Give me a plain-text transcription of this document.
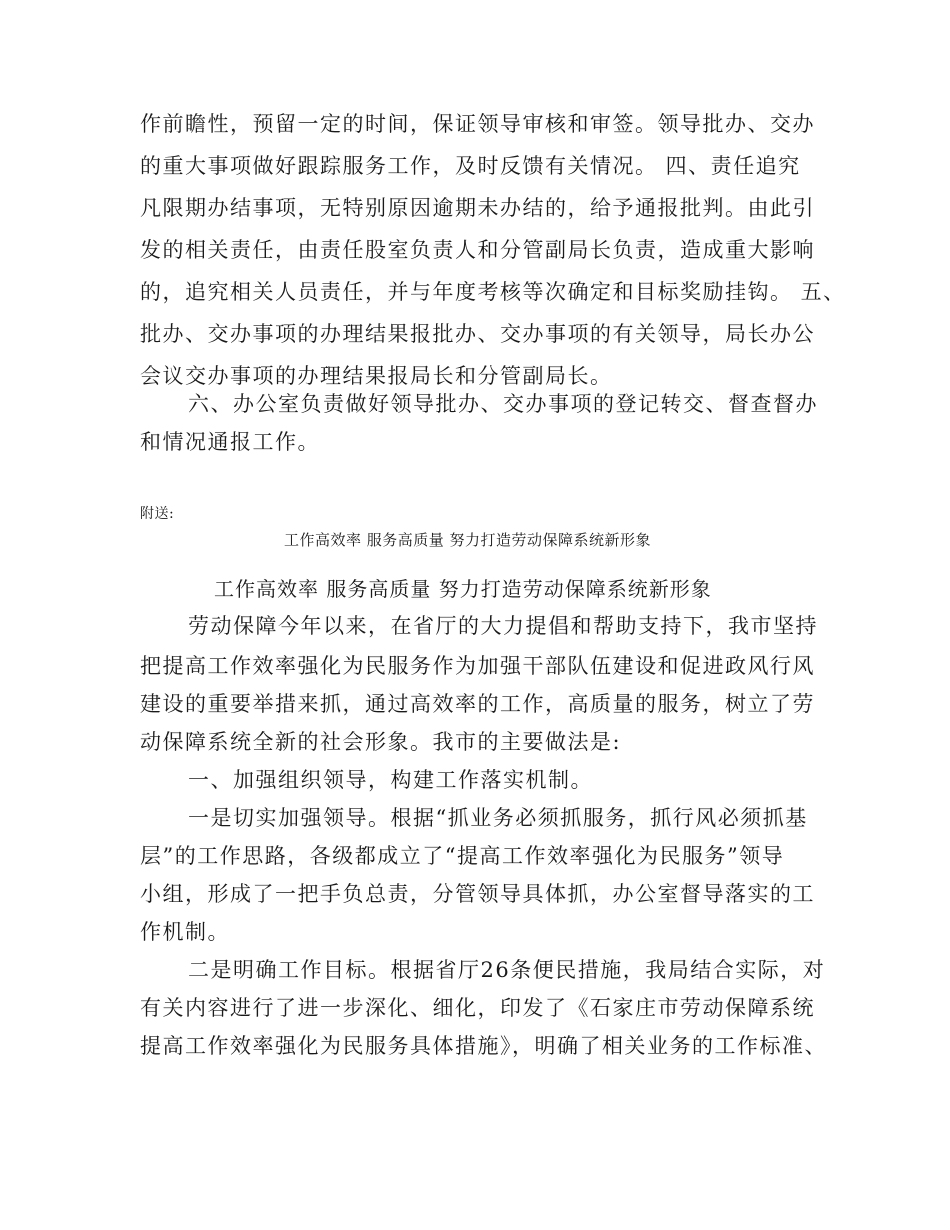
作前瞻性，预留一定的时间，保证领导审核和审签。领导批办、交办
的重大事项做好跟踪服务工作，及时反馈有关情况。 四、责任追究
凡限期办结事项，无特别原因逾期未办结的，给予通报批判。由此引
发的相关责任，由责任股室负责人和分管副局长负责，造成重大影响
的，追究相关人员责任，并与年度考核等次确定和目标奖励挂钩。 五、
批办、交办事项的办理结果报批办、交办事项的有关领导，局长办公
会议交办事项的办理结果报局长和分管副局长。
六、办公室负责做好领导批办、交办事项的登记转交、督查督办
和情况通报工作。
附送:
工作高效率 服务高质量 努力打造劳动保障系统新形象
工作高效率 服务高质量 努力打造劳动保障系统新形象
劳动保障今年以来，在省厅的大力提倡和帮助支持下，我市坚持
把提高工作效率强化为民服务作为加强干部队伍建设和促进政风行风
建设的重要举措来抓，通过高效率的工作，高质量的服务，树立了劳
动保障系统全新的社会形象。我市的主要做法是:
一、加强组织领导，构建工作落实机制。
一是切实加强领导。根据“抓业务必须抓服务，抓行风必须抓基
层”的工作思路，各级都成立了“提高工作效率强化为民服务”领导
小组，形成了一把手负总责，分管领导具体抓，办公室督导落实的工
作机制。
二是明确工作目标。根据省厅26条便民措施，我局结合实际，对
有关内容进行了进一步深化、细化，印发了《石家庄市劳动保障系统
提高工作效率强化为民服务具体措施》，明确了相关业务的工作标准、
